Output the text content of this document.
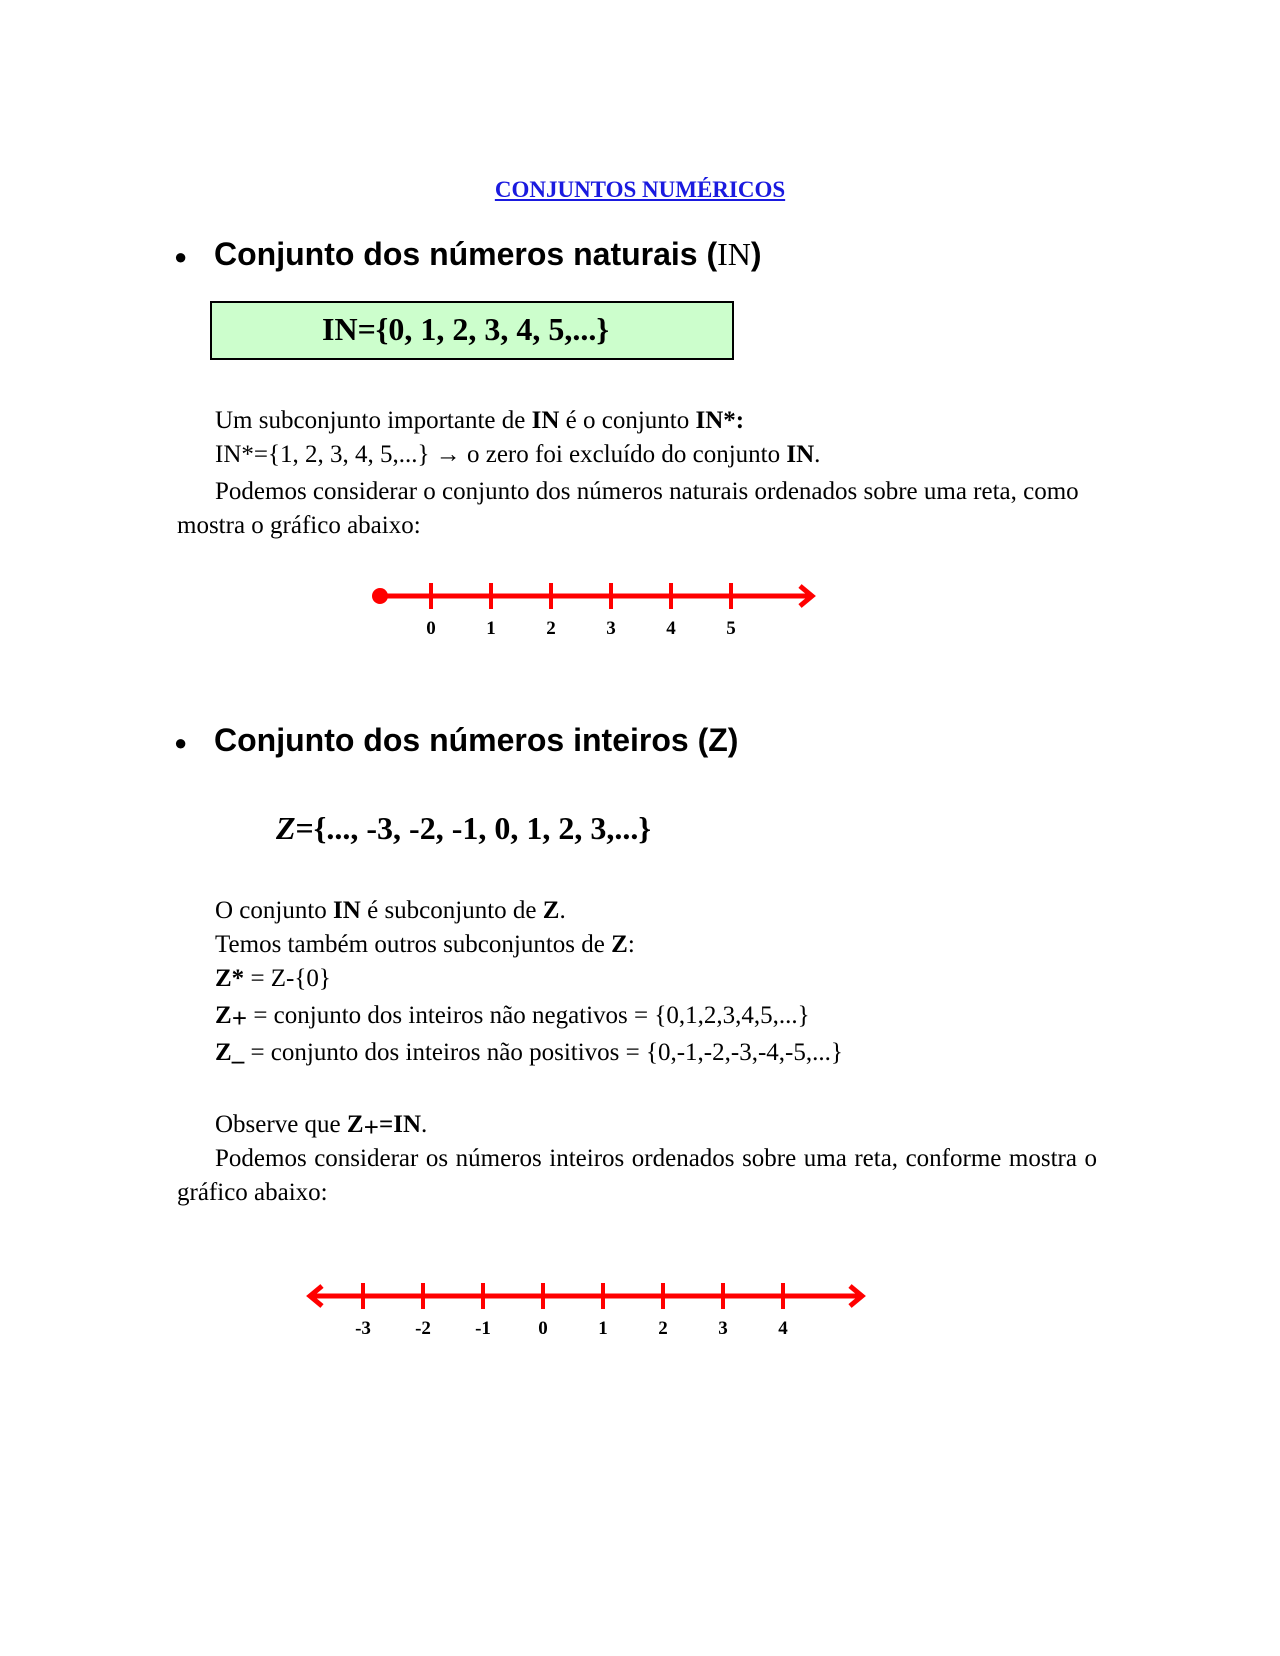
CONJUNTOS NUMÉRICOS
● Conjunto dos números naturais (IN)
IN={0, 1, 2, 3, 4, 5,...}
Um subconjunto importante de IN é o conjunto IN*:
IN*={1, 2, 3, 4, 5,...} → o zero foi excluído do conjunto IN.

Podemos considerar o conjunto dos números naturais ordenados sobre uma reta, como mostra o gráfico abaixo:

0	1	2	3	4	5
● Conjunto dos números inteiros (Z)
Z={..., -3, -2, -1, 0, 1, 2, 3,...}
O conjunto IN é subconjunto de Z.
Temos também outros subconjuntos de Z:
Z* = Z-{0}
Z+ = conjunto dos inteiros não negativos = {0,1,2,3,4,5,...}
Z_ = conjunto dos inteiros não positivos = {0,-1,-2,-3,-4,-5,...}
Observe que Z+=IN.

Podemos considerar os números inteiros ordenados sobre uma reta, conforme mostra o gráfico abaixo:

-3 -2 -1 0	1	2	3	4
